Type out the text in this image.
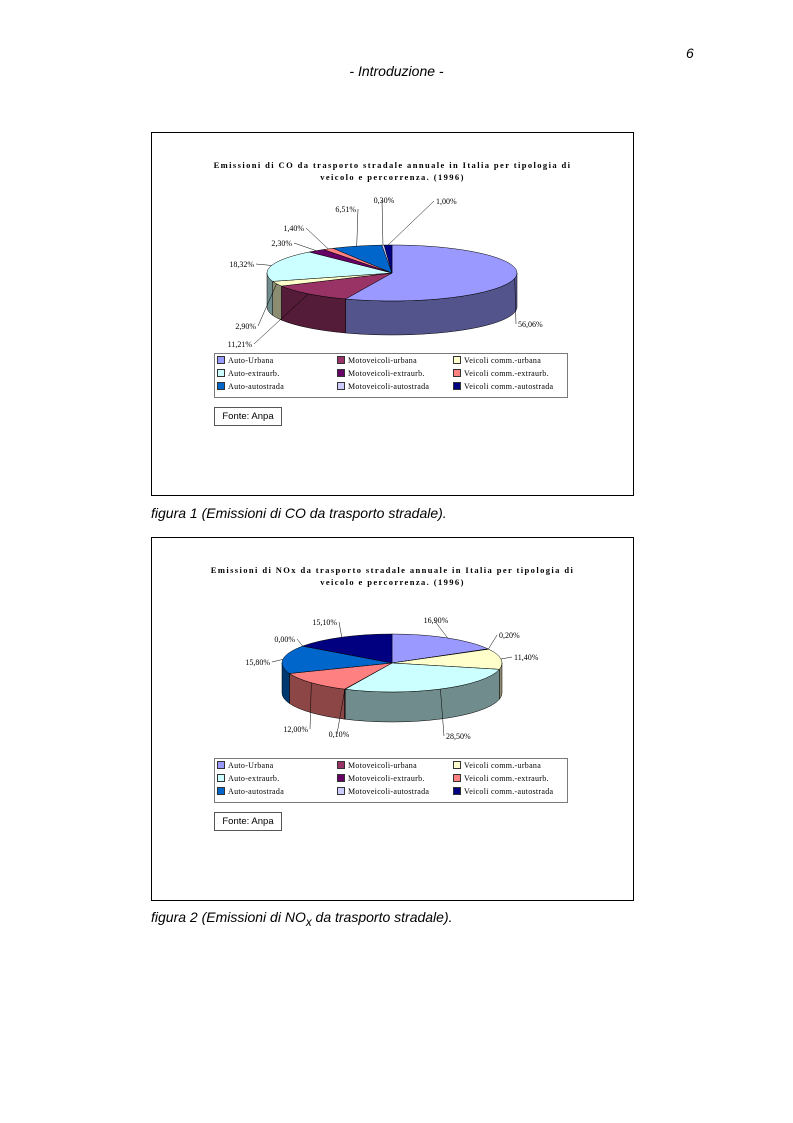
6
- Introduzione -
Emissioni di CO da trasporto stradale annuale in Italia per tipologia di
veicolo e percorrenza. (1996)
56,06%
11,21%
2,90%
18,32%
2,30%
1,40%
6,51%
0,30%	1,00%
Auto-Urbana	Motoveicoli-urbana	Veicoli comm.-urbana
Auto-extraurb.	Motoveicoli-extraurb.	Veicoli comm.-extraurb.
Auto-autostrada	Motoveicoli-autostrada	Veicoli comm.-autostrada
Fonte: Anpa
figura 1 (Emissioni di CO da trasporto stradale).
Emissioni di NOx da trasporto stradale annuale in Italia per tipologia di
veicolo e percorrenza. (1996)
16,90%
0,20%
11,40%
28,50%
0,10%
12,00%
15,80%
0,00%
15,10%
Auto-Urbana	Motoveicoli-urbana	Veicoli comm.-urbana
Auto-extraurb.	Motoveicoli-extraurb.	Veicoli comm.-extraurb.
Auto-autostrada	Motoveicoli-autostrada	Veicoli comm.-autostrada
Fonte: Anpa
figura 2 (Emissioni di $NO_x$ da trasporto stradale).
